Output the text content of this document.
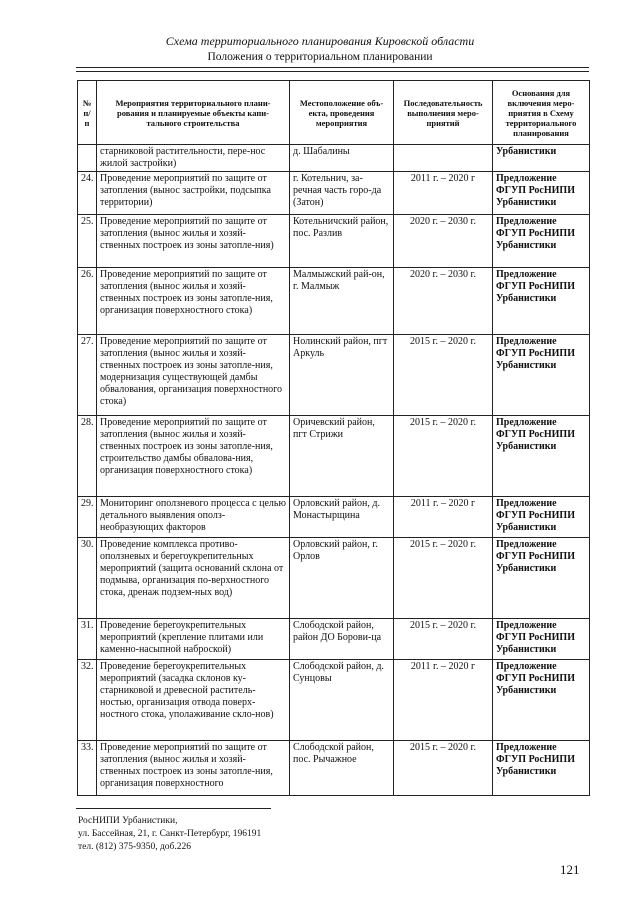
Схема территориального планирования Кировской области
Положения о территориальном планировании
№ п/п	Мероприятия территориального плани-рования и планируемые объекты капи-тального строительства	Местоположение объ-екта, проведения мероприятия	Последовательность выполнения меро-приятий	Основания для включения меро-приятия в Схему территориального планирования
	старниковой растительности, пере-нос жилой застройки)	д. Шабалины		Урбанистики
24.	Проведение мероприятий по защите от затопления (вынос застройки, подсыпка территории)	г. Котельнич, за-речная часть горо-да (Затон)	2011 г. – 2020 г	Предложение ФГУП РосНИПИ Урбанистики
25.	Проведение мероприятий по защите от затопления (вынос жилья и хозяй-ственных построек из зоны затопле-ния)	Котельничский район, пос. Разлив	2020 г. – 2030 г.	Предложение ФГУП РосНИПИ Урбанистики
26.	Проведение мероприятий по защите от затопления (вынос жилья и хозяй-ственных построек из зоны затопле-ния, организация поверхностного стока)	Малмыжский рай-он, г. Малмыж	2020 г. – 2030 г.	Предложение ФГУП РосНИПИ Урбанистики
27.	Проведение мероприятий по защите от затопления (вынос жилья и хозяй-ственных построек из зоны затопле-ния, модернизация существующей дамбы обвалования, организация поверхностного стока)	Нолинский район, пгт Аркуль	2015 г. – 2020 г.	Предложение ФГУП РосНИПИ Урбанистики
28.	Проведение мероприятий по защите от затопления (вынос жилья и хозяй-ственных построек из зоны затопле-ния, строительство дамбы обвалова-ния, организация поверхностного стока)	Оричевский район, пгт Стрижи	2015 г. – 2020 г.	Предложение ФГУП РосНИПИ Урбанистики
29.	Мониторинг оползневого процесса с целью детального выявления ополз-необразующих факторов	Орловский район, д. Монастырщина	2011 г. – 2020 г	Предложение ФГУП РосНИПИ Урбанистики
30.	Проведение комплекса противо-оползневых и берегоукрепительных мероприятий (защита оснований склона от подмыва, организация по-верхностного стока, дренаж подзем-ных вод)	Орловский район, г. Орлов	2015 г. – 2020 г.	Предложение ФГУП РосНИПИ Урбанистики
31.	Проведение берегоукрепительных мероприятий (крепление плитами или каменно-насыпной наброской)	Слободской район, район ДО Борови-ца	2015 г. – 2020 г.	Предложение ФГУП РосНИПИ Урбанистики
32.	Проведение берегоукрепительных мероприятий (засадка склонов ку-старниковой и древесной раститель-ностью, организация отвода поверх-ностного стока, уполаживание скло-нов)	Слободской район, д. Сунцовы	2011 г. – 2020 г	Предложение ФГУП РосНИПИ Урбанистики
33.	Проведение мероприятий по защите от затопления (вынос жилья и хозяй-ственных построек из зоны затопле-ния, организация поверхностного	Слободской район, пос. Рычажное	2015 г. – 2020 г.	Предложение ФГУП РосНИПИ Урбанистики
РосНИПИ Урбанистики,
ул. Бассейная, 21, г. Санкт-Петербург, 196191
тел. (812) 375-9350, доб.226
121
